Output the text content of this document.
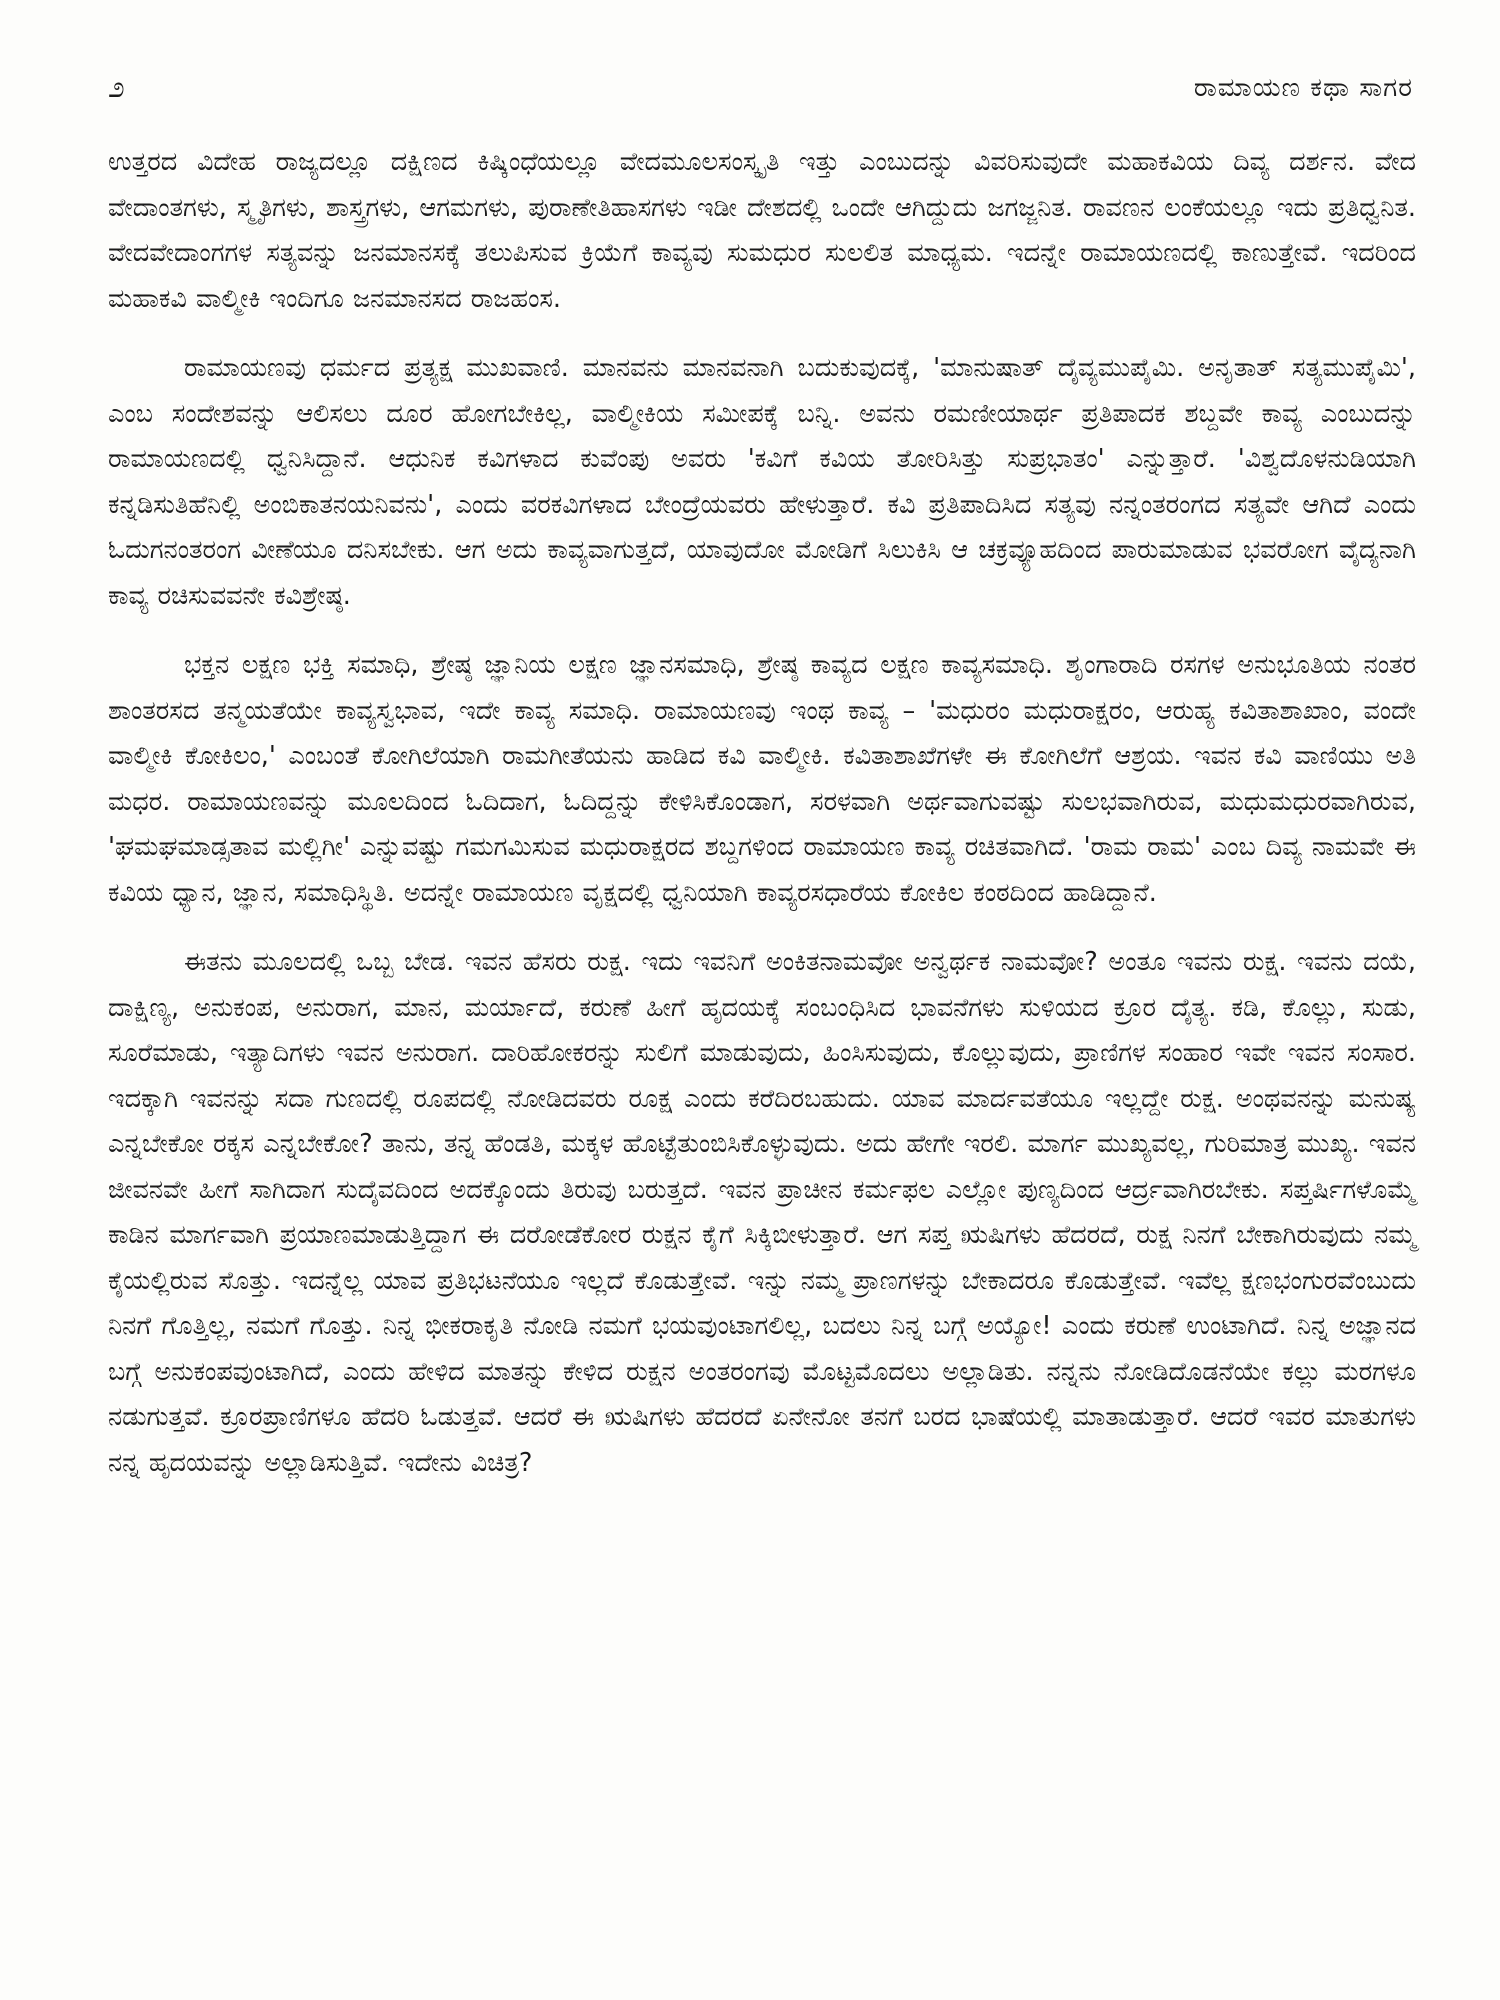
೨	ರಾಮಾಯಣ ಕಥಾ ಸಾಗರ

ಉತ್ತರದ ವಿದೇಹ ರಾಜ್ಯದಲ್ಲೂ ದಕ್ಷಿಣದ ಕಿಷ್ಕಿಂಧೆಯಲ್ಲೂ ವೇದಮೂಲಸಂಸ್ಕೃತಿ ಇತ್ತು ಎಂಬುದನ್ನು ವಿವರಿಸುವುದೇ ಮಹಾಕವಿಯ ದಿವ್ಯ ದರ್ಶನ. ವೇದ ವೇದಾಂತಗಳು, ಸ್ಮೃತಿಗಳು, ಶಾಸ್ತ್ರಗಳು, ಆಗಮಗಳು, ಪುರಾಣೇತಿಹಾಸಗಳು ಇಡೀ ದೇಶದಲ್ಲಿ ಒಂದೇ ಆಗಿದ್ದುದು ಜಗಜ್ಜನಿತ. ರಾವಣನ ಲಂಕೆಯಲ್ಲೂ ಇದು ಪ್ರತಿಧ್ವನಿತ. ವೇದವೇದಾಂಗಗಳ ಸತ್ಯವನ್ನು ಜನಮಾನಸಕ್ಕೆ ತಲುಪಿಸುವ ಕ್ರಿಯೆಗೆ ಕಾವ್ಯವು ಸುಮಧುರ ಸುಲಲಿತ ಮಾಧ್ಯಮ. ಇದನ್ನೇ ರಾಮಾಯಣದಲ್ಲಿ ಕಾಣುತ್ತೇವೆ. ಇದರಿಂದ ಮಹಾಕವಿ ವಾಲ್ಮೀಕಿ ಇಂದಿಗೂ ಜನಮಾನಸದ ರಾಜಹಂಸ.

ರಾಮಾಯಣವು ಧರ್ಮದ ಪ್ರತ್ಯಕ್ಷ ಮುಖವಾಣಿ. ಮಾನವನು ಮಾನವನಾಗಿ ಬದುಕುವುದಕ್ಕೆ, 'ಮಾನುಷಾತ್ ದೈವ್ಯಮುಪೈಮಿ. ಅನೃತಾತ್ ಸತ್ಯಮುಪೈಮಿ', ಎಂಬ ಸಂದೇಶವನ್ನು ಆಲಿಸಲು ದೂರ ಹೋಗಬೇಕಿಲ್ಲ, ವಾಲ್ಮೀಕಿಯ ಸಮೀಪಕ್ಕೆ ಬನ್ನಿ. ಅವನು ರಮಣೀಯಾರ್ಥ ಪ್ರತಿಪಾದಕ ಶಬ್ದವೇ ಕಾವ್ಯ ಎಂಬುದನ್ನು ರಾಮಾಯಣದಲ್ಲಿ ಧ್ವನಿಸಿದ್ದಾನೆ. ಆಧುನಿಕ ಕವಿಗಳಾದ ಕುವೆಂಪು ಅವರು 'ಕವಿಗೆ ಕವಿಯ ತೋರಿಸಿತ್ತು ಸುಪ್ರಭಾತಂ' ಎನ್ನುತ್ತಾರೆ. 'ವಿಶ್ವದೊಳನುಡಿಯಾಗಿ ಕನ್ನಡಿಸುತಿಹೆನಿಲ್ಲಿ ಅಂಬಿಕಾತನಯನಿವನು', ಎಂದು ವರಕವಿಗಳಾದ ಬೇಂದ್ರೆಯವರು ಹೇಳುತ್ತಾರೆ. ಕವಿ ಪ್ರತಿಪಾದಿಸಿದ ಸತ್ಯವು ನನ್ನಂತರಂಗದ ಸತ್ಯವೇ ಆಗಿದೆ ಎಂದು ಓದುಗನಂತರಂಗ ವೀಣೆಯೂ ದನಿಸಬೇಕು. ಆಗ ಅದು ಕಾವ್ಯವಾಗುತ್ತದೆ, ಯಾವುದೋ ಮೋಡಿಗೆ ಸಿಲುಕಿಸಿ ಆ ಚಕ್ರವ್ಯೂಹದಿಂದ ಪಾರುಮಾಡುವ ಭವರೋಗ ವೈದ್ಯನಾಗಿ ಕಾವ್ಯ ರಚಿಸುವವನೇ ಕವಿಶ್ರೇಷ್ಠ.

ಭಕ್ತನ ಲಕ್ಷಣ ಭಕ್ತಿ ಸಮಾಧಿ, ಶ್ರೇಷ್ಠ ಜ್ಞಾನಿಯ ಲಕ್ಷಣ ಜ್ಞಾನಸಮಾಧಿ, ಶ್ರೇಷ್ಠ ಕಾವ್ಯದ ಲಕ್ಷಣ ಕಾವ್ಯಸಮಾಧಿ. ಶೃಂಗಾರಾದಿ ರಸಗಳ ಅನುಭೂತಿಯ ನಂತರ ಶಾಂತರಸದ ತನ್ಮಯತೆಯೇ ಕಾವ್ಯಸ್ವಭಾವ, ಇದೇ ಕಾವ್ಯ ಸಮಾಧಿ. ರಾಮಾಯಣವು ಇಂಥ ಕಾವ್ಯ – 'ಮಧುರಂ ಮಧುರಾಕ್ಷರಂ, ಆರುಹ್ಯ ಕವಿತಾಶಾಖಾಂ, ವಂದೇ ವಾಲ್ಮೀಕಿ ಕೋಕಿಲಂ,' ಎಂಬಂತೆ ಕೋಗಿಲೆಯಾಗಿ ರಾಮಗೀತೆಯನು ಹಾಡಿದ ಕವಿ ವಾಲ್ಮೀಕಿ. ಕವಿತಾಶಾಖೆಗಳೇ ಈ ಕೋಗಿಲೆಗೆ ಆಶ್ರಯ. ಇವನ ಕವಿ ವಾಣಿಯು ಅತಿ ಮಧರ. ರಾಮಾಯಣವನ್ನು ಮೂಲದಿಂದ ಓದಿದಾಗ, ಓದಿದ್ದನ್ನು ಕೇಳಿಸಿಕೊಂಡಾಗ, ಸರಳವಾಗಿ ಅರ್ಥವಾಗುವಷ್ಟು ಸುಲಭವಾಗಿರುವ, ಮಧುಮಧುರವಾಗಿರುವ, 'ಘಮಘಮಾಡ್ಸತಾವ ಮಲ್ಲಿಗೀ' ಎನ್ನುವಷ್ಟು ಗಮಗಮಿಸುವ ಮಧುರಾಕ್ಷರದ ಶಬ್ದಗಳಿಂದ ರಾಮಾಯಣ ಕಾವ್ಯ ರಚಿತವಾಗಿದೆ. 'ರಾಮ ರಾಮ' ಎಂಬ ದಿವ್ಯ ನಾಮವೇ ಈ ಕವಿಯ ಧ್ಯಾನ, ಜ್ಞಾನ, ಸಮಾಧಿಸ್ಥಿತಿ. ಅದನ್ನೇ ರಾಮಾಯಣ ವೃಕ್ಷದಲ್ಲಿ ಧ್ವನಿಯಾಗಿ ಕಾವ್ಯರಸಧಾರೆಯ ಕೋಕಿಲ ಕಂಠದಿಂದ ಹಾಡಿದ್ದಾನೆ.

ಈತನು ಮೂಲದಲ್ಲಿ ಒಬ್ಬ ಬೇಡ. ಇವನ ಹೆಸರು ರುಕ್ಷ. ಇದು ಇವನಿಗೆ ಅಂಕಿತನಾಮವೋ ಅನ್ವರ್ಥಕ ನಾಮವೋ? ಅಂತೂ ಇವನು ರುಕ್ಷ. ಇವನು ದಯೆ, ದಾಕ್ಷಿಣ್ಯ, ಅನುಕಂಪ, ಅನುರಾಗ, ಮಾನ, ಮರ್ಯಾದೆ, ಕರುಣೆ ಹೀಗೆ ಹೃದಯಕ್ಕೆ ಸಂಬಂಧಿಸಿದ ಭಾವನೆಗಳು ಸುಳಿಯದ ಕ್ರೂರ ದೈತ್ಯ. ಕಡಿ, ಕೊಲ್ಲು, ಸುಡು, ಸೂರೆಮಾಡು, ಇತ್ಯಾದಿಗಳು ಇವನ ಅನುರಾಗ. ದಾರಿಹೋಕರನ್ನು ಸುಲಿಗೆ ಮಾಡುವುದು, ಹಿಂಸಿಸುವುದು, ಕೊಲ್ಲುವುದು, ಪ್ರಾಣಿಗಳ ಸಂಹಾರ ಇವೇ ಇವನ ಸಂಸಾರ. ಇದಕ್ಕಾಗಿ ಇವನನ್ನು ಸದಾ ಗುಣದಲ್ಲಿ ರೂಪದಲ್ಲಿ ನೋಡಿದವರು ರೂಕ್ಷ ಎಂದು ಕರೆದಿರಬಹುದು. ಯಾವ ಮಾರ್ದವತೆಯೂ ಇಲ್ಲದ್ದೇ ರುಕ್ಷ. ಅಂಥವನನ್ನು ಮನುಷ್ಯ ಎನ್ನಬೇಕೋ ರಕ್ಕಸ ಎನ್ನಬೇಕೋ? ತಾನು, ತನ್ನ ಹೆಂಡತಿ, ಮಕ್ಕಳ ಹೊಟ್ಟೆತುಂಬಿಸಿಕೊಳ್ಳುವುದು. ಅದು ಹೇಗೇ ಇರಲಿ. ಮಾರ್ಗ ಮುಖ್ಯವಲ್ಲ, ಗುರಿಮಾತ್ರ ಮುಖ್ಯ. ಇವನ ಜೀವನವೇ ಹೀಗೆ ಸಾಗಿದಾಗ ಸುದೈವದಿಂದ ಅದಕ್ಕೊಂದು ತಿರುವು ಬರುತ್ತದೆ. ಇವನ ಪ್ರಾಚೀನ ಕರ್ಮಫಲ ಎಲ್ಲೋ ಪುಣ್ಯದಿಂದ ಆರ್ದ್ರವಾಗಿರಬೇಕು. ಸಪ್ತರ್ಷಿಗಳೊಮ್ಮೆ ಕಾಡಿನ ಮಾರ್ಗವಾಗಿ ಪ್ರಯಾಣಮಾಡುತ್ತಿದ್ದಾಗ ಈ ದರೋಡೆಕೋರ ರುಕ್ಷನ ಕೈಗೆ ಸಿಕ್ಕಿಬೀಳುತ್ತಾರೆ. ಆಗ ಸಪ್ತ ಋಷಿಗಳು ಹೆದರದೆ, ರುಕ್ಷ ನಿನಗೆ ಬೇಕಾಗಿರುವುದು ನಮ್ಮ ಕೈಯಲ್ಲಿರುವ ಸೊತ್ತು. ಇದನ್ನೆಲ್ಲ ಯಾವ ಪ್ರತಿಭಟನೆಯೂ ಇಲ್ಲದೆ ಕೊಡುತ್ತೇವೆ. ಇನ್ನು ನಮ್ಮ ಪ್ರಾಣಗಳನ್ನು ಬೇಕಾದರೂ ಕೊಡುತ್ತೇವೆ. ಇವೆಲ್ಲ ಕ್ಷಣಭಂಗುರವೆಂಬುದು ನಿನಗೆ ಗೊತ್ತಿಲ್ಲ, ನಮಗೆ ಗೊತ್ತು. ನಿನ್ನ ಭೀಕರಾಕೃತಿ ನೋಡಿ ನಮಗೆ ಭಯವುಂಟಾಗಲಿಲ್ಲ, ಬದಲು ನಿನ್ನ ಬಗ್ಗೆ ಅಯ್ಯೋ! ಎಂದು ಕರುಣೆ ಉಂಟಾಗಿದೆ. ನಿನ್ನ ಅಜ್ಞಾನದ ಬಗ್ಗೆ ಅನುಕಂಪವುಂಟಾಗಿದೆ, ಎಂದು ಹೇಳಿದ ಮಾತನ್ನು ಕೇಳಿದ ರುಕ್ಷನ ಅಂತರಂಗವು ಮೊಟ್ಟಮೊದಲು ಅಲ್ಲಾಡಿತು. ನನ್ನನು ನೋಡಿದೊಡನೆಯೇ ಕಲ್ಲು ಮರಗಳೂ ನಡುಗುತ್ತವೆ. ಕ್ರೂರಪ್ರಾಣಿಗಳೂ ಹೆದರಿ ಓಡುತ್ತವೆ. ಆದರೆ ಈ ಋಷಿಗಳು ಹೆದರದೆ ಏನೇನೋ ತನಗೆ ಬರದ ಭಾಷೆಯಲ್ಲಿ ಮಾತಾಡುತ್ತಾರೆ. ಆದರೆ ಇವರ ಮಾತುಗಳು ನನ್ನ ಹೃದಯವನ್ನು ಅಲ್ಲಾಡಿಸುತ್ತಿವೆ. ಇದೇನು ವಿಚಿತ್ರ?
